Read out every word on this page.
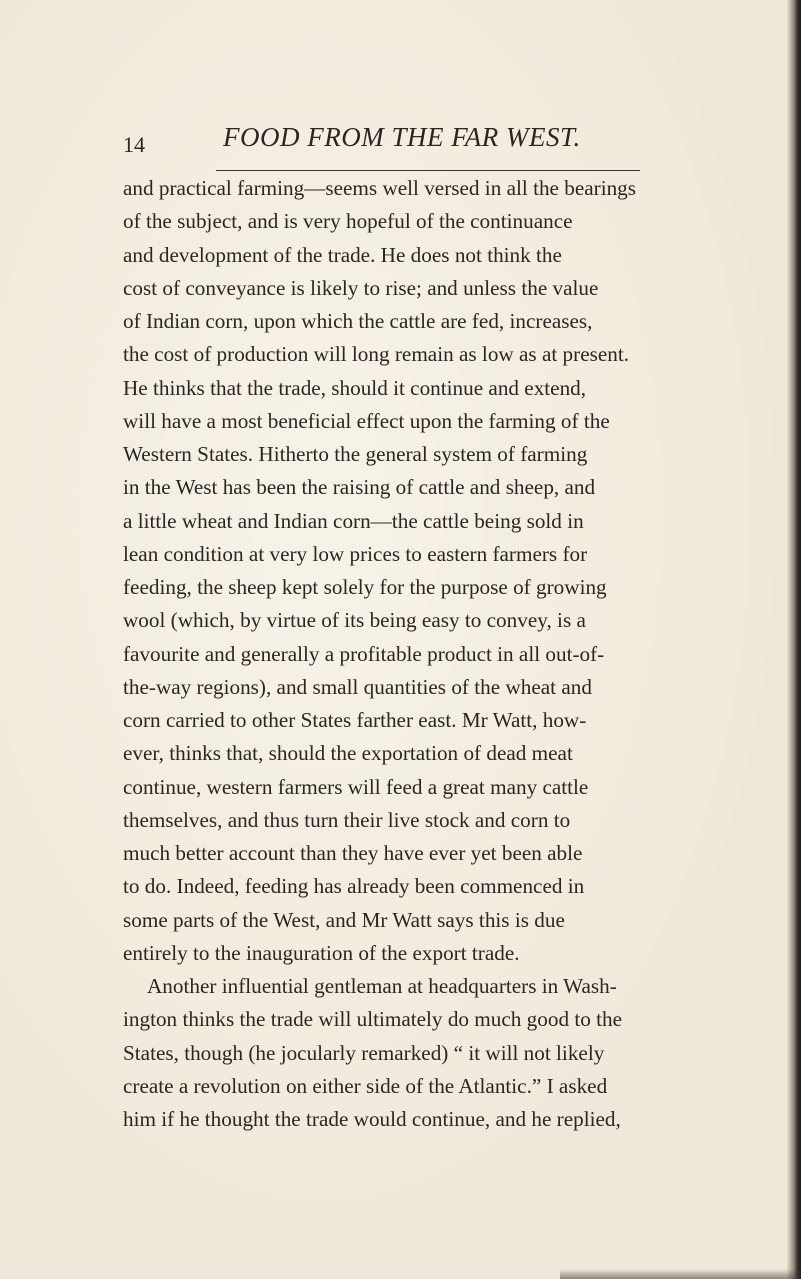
14	FOOD FROM THE FAR WEST.
and practical farming—seems well versed in all the bearings
of the subject, and is very hopeful of the continuance
and development of the trade. He does not think the
cost of conveyance is likely to rise; and unless the value
of Indian corn, upon which the cattle are fed, increases,
the cost of production will long remain as low as at present.
He thinks that the trade, should it continue and extend,
will have a most beneficial effect upon the farming of the
Western States. Hitherto the general system of farming
in the West has been the raising of cattle and sheep, and
a little wheat and Indian corn—the cattle being sold in
lean condition at very low prices to eastern farmers for
feeding, the sheep kept solely for the purpose of growing
wool (which, by virtue of its being easy to convey, is a
favourite and generally a profitable product in all out-of-
the-way regions), and small quantities of the wheat and
corn carried to other States farther east. Mr Watt, how-
ever, thinks that, should the exportation of dead meat
continue, western farmers will feed a great many cattle
themselves, and thus turn their live stock and corn to
much better account than they have ever yet been able
to do. Indeed, feeding has already been commenced in
some parts of the West, and Mr Watt says this is due
entirely to the inauguration of the export trade.
Another influential gentleman at headquarters in Wash-
ington thinks the trade will ultimately do much good to the
States, though (he jocularly remarked) “ it will not likely
create a revolution on either side of the Atlantic.” I asked
him if he thought the trade would continue, and he replied,
